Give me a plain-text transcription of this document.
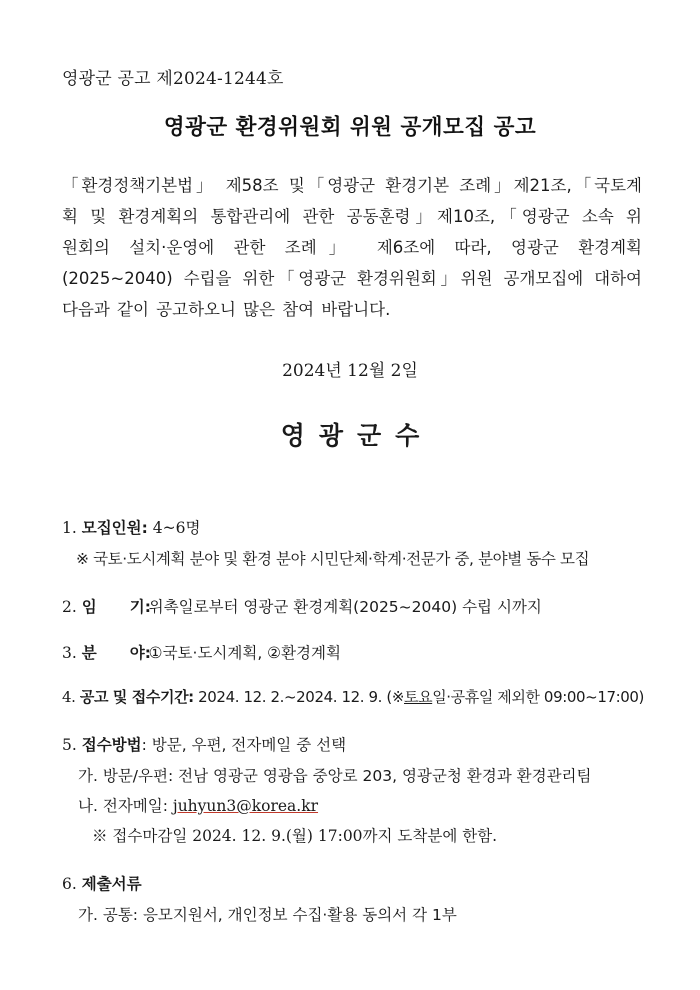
영광군 공고 제2024-1244호
영광군 환경위원회 위원 공개모집 공고
「환경정책기본법」 제58조 및「영광군 환경기본 조례」제21조,「국토계
획 및 환경계획의 통합관리에 관한 공동훈령」제10조,「영광군 소속 위
원회의 설치·운영에 관한 조례」 제6조에 따라, 영광군 환경계획
(2025~2040) 수립을 위한「영광군 환경위원회」위원 공개모집에 대하여
다음과 같이 공고하오니 많은 참여 바랍니다.
2024년 12월 2일
영광군수
1. 모집인원: 4~6명
※ 국토·도시계획 분야 및 환경 분야 시민단체·학계·전문가 중, 분야별 동수 모집
2. 임 기: 위촉일로부터 영광군 환경계획(2025~2040) 수립 시까지
3. 분 야: ①국토·도시계획, ②환경계획
4. 공고 및 접수기간: 2024. 12. 2.~2024. 12. 9. (※토요일·공휴일 제외한 09:00~17:00)
5. 접수방법: 방문, 우편, 전자메일 중 선택
가. 방문/우편: 전남 영광군 영광읍 중앙로 203, 영광군청 환경과 환경관리팀
나. 전자메일: juhyun3@korea.kr
※ 접수마감일 2024. 12. 9.(월) 17:00까지 도착분에 한함.
6. 제출서류
가. 공통: 응모지원서, 개인정보 수집·활용 동의서 각 1부
